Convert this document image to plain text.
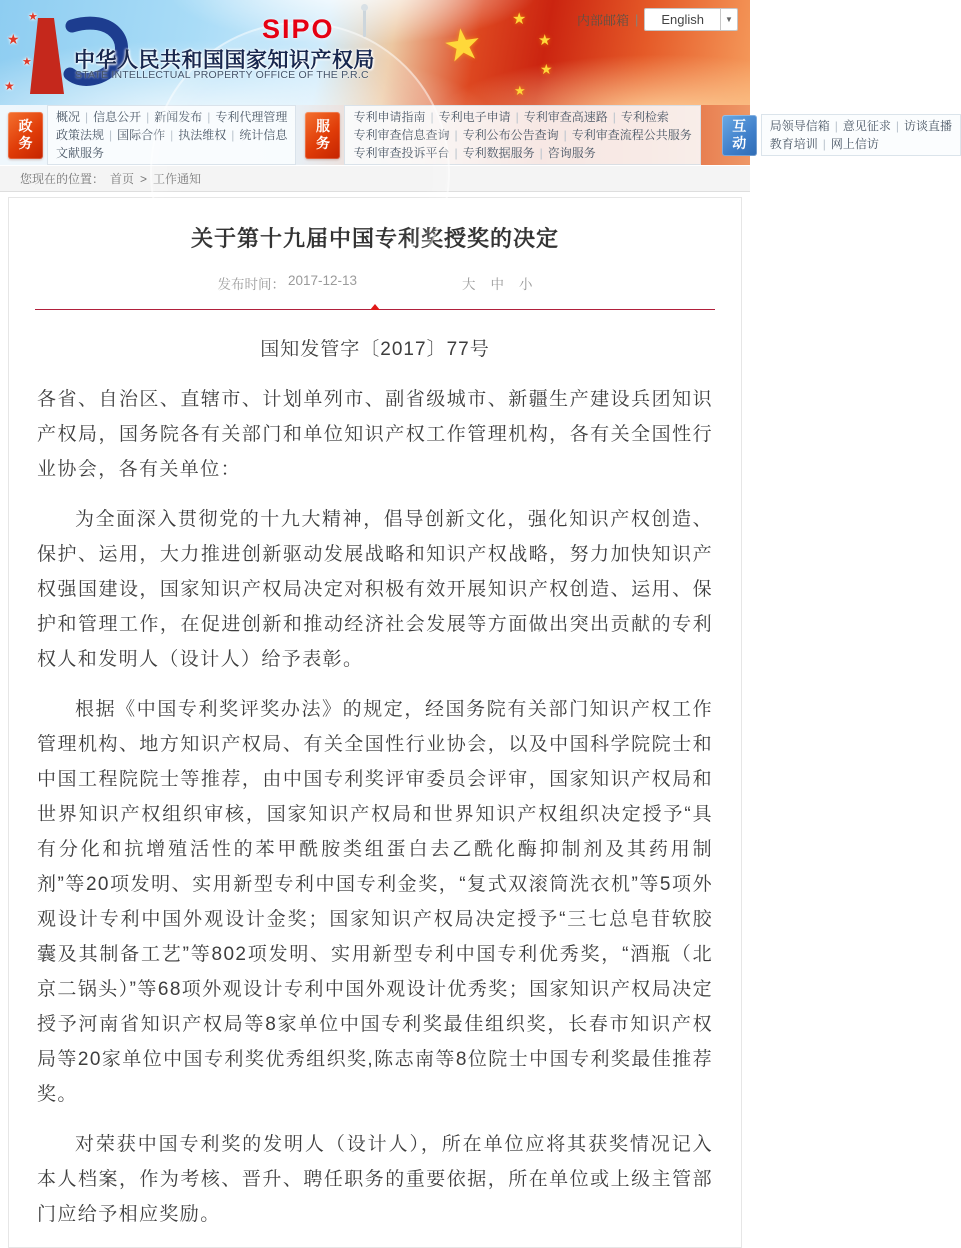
★
★
★
★
★ ★
★
★
★
SIPO
中华人民共和国国家知识产权局
STATE INTELLECTUAL PROPERTY OFFICE OF THE P.R.C
内部邮箱 |	English	▼
政
务
概况 | 信息公开 | 新闻发布 | 专利代理管理
政策法规 | 国际合作 | 执法维权 | 统计信息
文献服务
服
务
专利申请指南 | 专利电子申请 | 专利审查高速路 | 专利检索
专利审查信息查询 | 专利公布公告查询 | 专利审查流程公共服务
专利审查投诉平台 | 专利数据服务 | 咨询服务
互
动
局领导信箱 | 意见征求 | 访谈直播
教育培训 | 网上信访
您现在的位置： 首页 > 工作通知
关于第十九届中国专利奖授奖的决定
发布时间： 2017-12-13	大 中 小

国知发管字〔2017〕77号

各省、自治区、直辖市、计划单列市、副省级城市、新疆生产建设兵团知识产权局，国务院各有关部门和单位知识产权工作管理机构，各有关全国性行业协会，各有关单位：

为全面深入贯彻党的十九大精神，倡导创新文化，强化知识产权创造、保护、运用，大力推进创新驱动发展战略和知识产权战略，努力加快知识产权强国建设，国家知识产权局决定对积极有效开展知识产权创造、运用、保护和管理工作，在促进创新和推动经济社会发展等方面做出突出贡献的专利权人和发明人（设计人）给予表彰。

根据《中国专利奖评奖办法》的规定，经国务院有关部门知识产权工作管理机构、地方知识产权局、有关全国性行业协会，以及中国科学院院士和中国工程院院士等推荐，由中国专利奖评审委员会评审，国家知识产权局和世界知识产权组织审核，国家知识产权局和世界知识产权组织决定授予“具有分化和抗增殖活性的苯甲酰胺类组蛋白去乙酰化酶抑制剂及其药用制剂”等20项发明、实用新型专利中国专利金奖，“复式双滚筒洗衣机”等5项外观设计专利中国外观设计金奖；国家知识产权局决定授予“三七总皂苷软胶囊及其制备工艺”等802项发明、实用新型专利中国专利优秀奖，“酒瓶（北京二锅头）”等68项外观设计专利中国外观设计优秀奖；国家知识产权局决定授予河南省知识产权局等8家单位中国专利奖最佳组织奖，长春市知识产权局等20家单位中国专利奖优秀组织奖,陈志南等8位院士中国专利奖最佳推荐奖。

对荣获中国专利奖的发明人（设计人），所在单位应将其获奖情况记入本人档案，作为考核、晋升、聘任职务的重要依据，所在单位或上级主管部门应给予相应奖励。
